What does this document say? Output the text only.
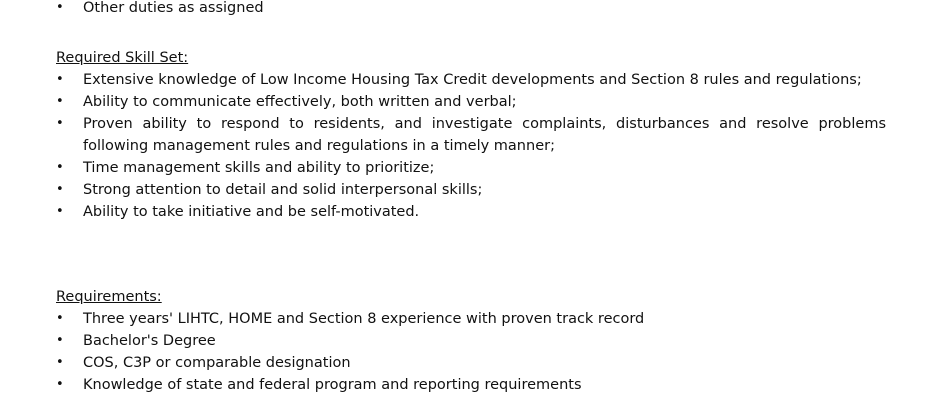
• Other duties as assigned
Required Skill Set:
• Extensive knowledge of Low Income Housing Tax Credit developments and Section 8 rules and regulations;
• Ability to communicate effectively, both written and verbal;
• Proven ability to respond to residents, and investigate complaints, disturbances and resolve problems following management rules and regulations in a timely manner;
• Time management skills and ability to prioritize;
• Strong attention to detail and solid interpersonal skills;
• Ability to take initiative and be self-motivated.
Requirements:
• Three years' LIHTC, HOME and Section 8 experience with proven track record
• Bachelor's Degree
• COS, C3P or comparable designation
• Knowledge of state and federal program and reporting requirements
